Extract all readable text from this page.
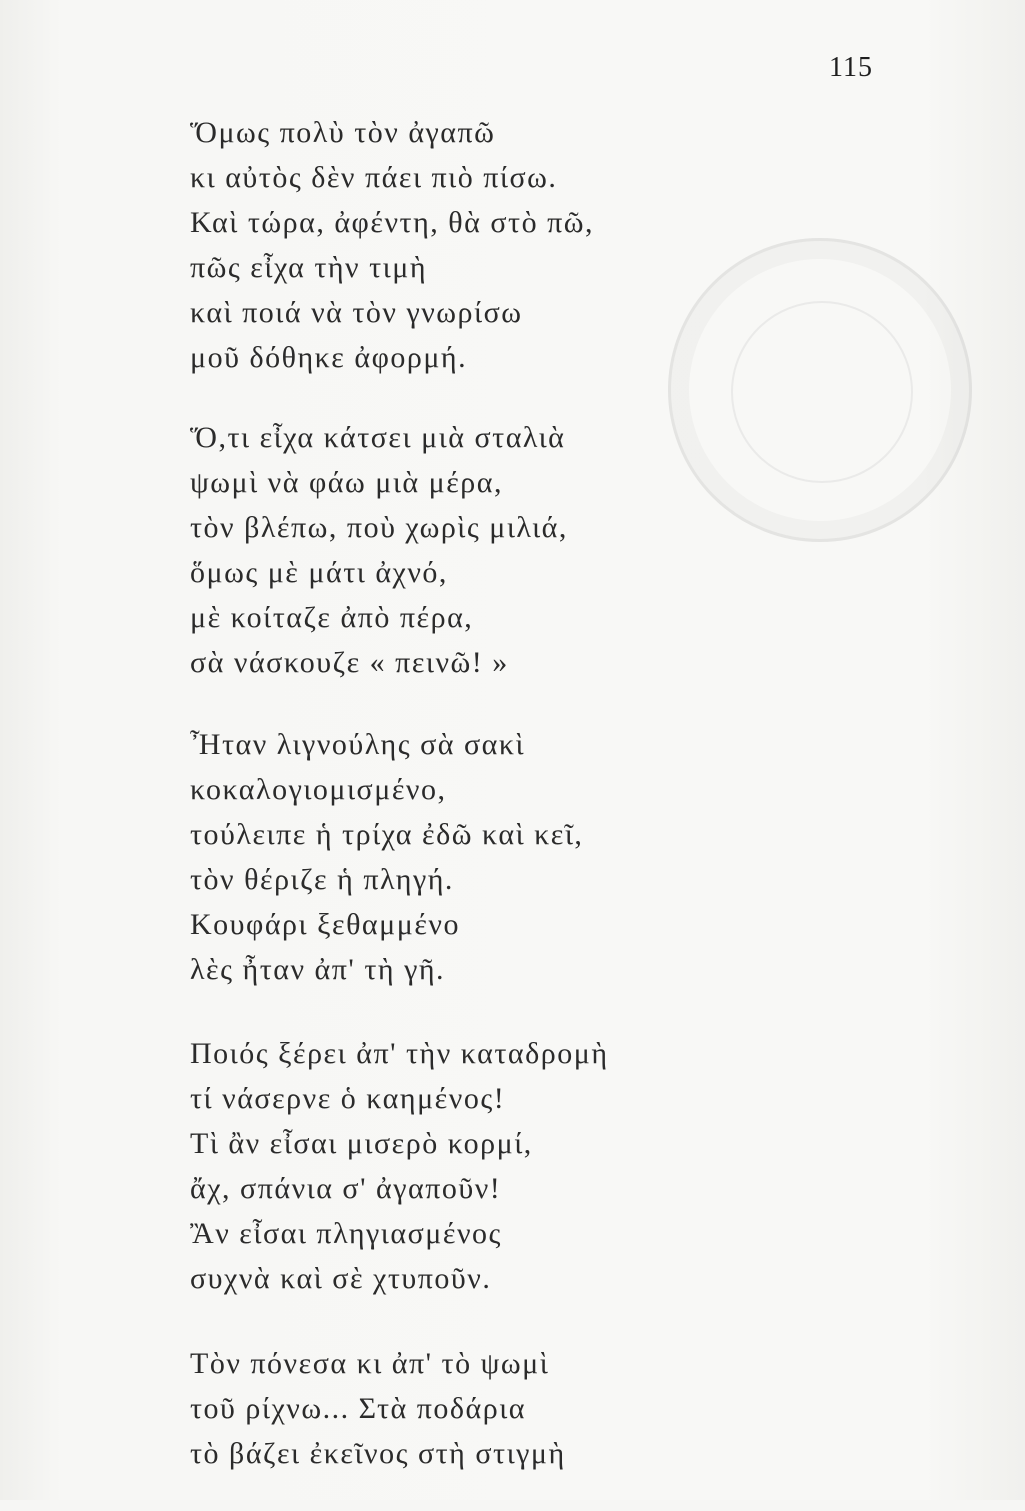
115
Ὅμως πολὺ τὸν ἀγαπῶ
κι αὐτὸς δὲν πάει πιὸ πίσω.
Καὶ τώρα, ἀφέντη, θὰ στὸ πῶ,
πῶς εἶχα τὴν τιμὴ
καὶ ποιά νὰ τὸν γνωρίσω
μοῦ δόθηκε ἀφορμή.
Ὅ,τι εἶχα κάτσει μιὰ σταλιὰ
ψωμὶ νὰ φάω μιὰ μέρα,
τὸν βλέπω, ποὺ χωρὶς μιλιά,
ὅμως μὲ μάτι ἀχνό,
μὲ κοίταζε ἀπὸ πέρα,
σὰ νάσκουζε « πεινῶ! »
Ἦταν λιγνούλης σὰ σακὶ
κοκαλογιομισμένο,
τούλειπε ἡ τρίχα ἐδῶ καὶ κεῖ,
τὸν θέριζε ἡ πληγή.
Κουφάρι ξεθαμμένο
λὲς ἦταν ἀπ' τὴ γῆ.
Ποιός ξέρει ἀπ' τὴν καταδρομὴ
τί νάσερνε ὁ καημένος!
Τὶ ἂν εἶσαι μισερὸ κορμί,
ἄχ, σπάνια σ' ἀγαποῦν!
Ἂν εἶσαι πληγιασμένος
συχνὰ καὶ σὲ χτυποῦν.
Τὸν πόνεσα κι ἀπ' τὸ ψωμὶ
τοῦ ρίχνω... Στὰ ποδάρια
τὸ βάζει ἐκεῖνος στὴ στιγμὴ
